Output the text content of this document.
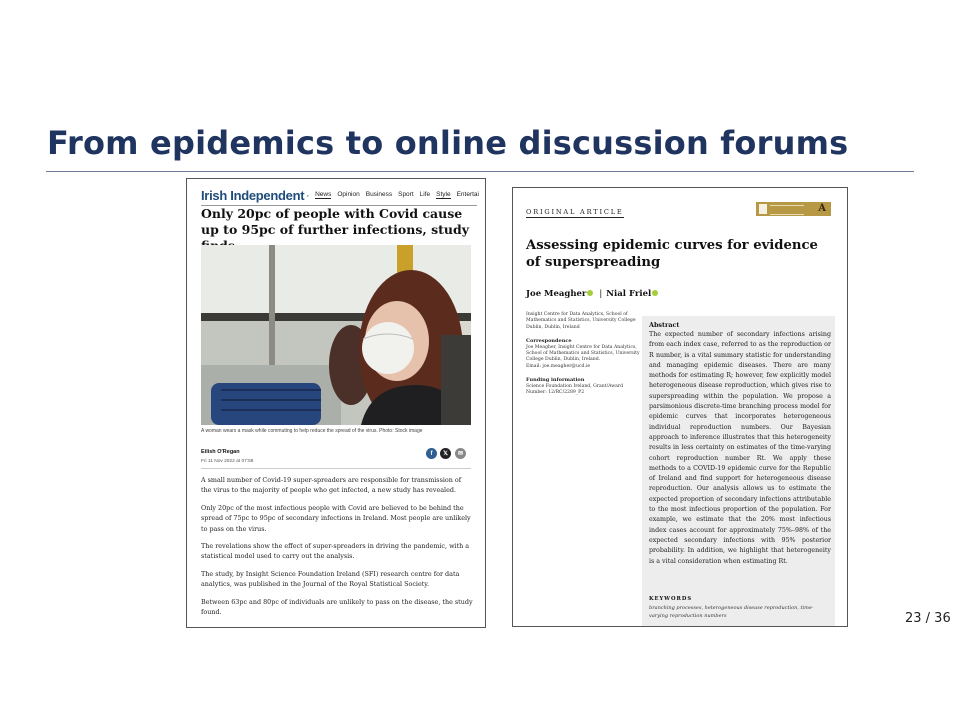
From epidemics to online discussion forums
Irish Independent News Opinion Business Sport Life Style Entertai
Only 20pc of people with Covid cause up to 95pc of further infections, study
A woman wears a mask while commuting to help reduce the spread of the virus. Photo: Stock image
Eilish O'Regan
Fri 11 Nov 2022 at 07:58
f	𝕏	✉
A small number of Covid-19 super-spreaders are responsible for transmission of the virus to the majority of people who get infected, a new study has revealed.
Only 20pc of the most infectious people with Covid are believed to be behind the spread of 75pc to 95pc of secondary infections in Ireland. Most people are unlikely to pass on the virus.
The revelations show the effect of super-spreaders in driving the pandemic, with a statistical model used to carry out the analysis.
The study, by Insight Science Foundation Ireland (SFI) research centre for data analytics, was published in the Journal of the Royal Statistical Society.
Between 63pc and 80pc of individuals are unlikely to pass on the disease, the study found.
ORIGINAL ARTICLE	A
Assessing epidemic curves for evidence of superspreading
Joe Meagher | Nial Friel
Insight Centre for Data Analytics, School of Mathematics and Statistics, University College Dublin, Dublin, Ireland
Correspondence
Joe Meagher, Insight Centre for Data Analytics, School of Mathematics and Statistics, University College Dublin, Dublin, Ireland.
Email: joe.meagher@ucd.ie
Funding information
Science Foundation Ireland, Grant/Award Number: 12/RC/2289_P2
Abstract
The expected number of secondary infections arising from each index case, referred to as the reproduction or R number, is a vital summary statistic for understanding and managing epidemic diseases. There are many methods for estimating R; however, few explicitly model heterogeneous disease reproduction, which gives rise to superspreading within the population. We propose a parsimonious discrete-time branching process model for epidemic curves that incorporates heterogeneous individual reproduction numbers. Our Bayesian approach to inference illustrates that this heterogeneity results in less certainty on estimates of the time-varying cohort reproduction number Rt. We apply these methods to a COVID-19 epidemic curve for the Republic of Ireland and find support for heterogeneous disease reproduction. Our analysis allows us to estimate the expected proportion of secondary infections attributable to the most infectious proportion of the population. For example, we estimate that the 20% most infectious index cases account for approximately 75%–98% of the expected secondary infections with 95% posterior probability. In addition, we highlight that heterogeneity is a vital consideration when estimating Rt.
KEYWORDS
branching processes, heterogeneous disease reproduction, time-varying reproduction numbers	23 / 36
